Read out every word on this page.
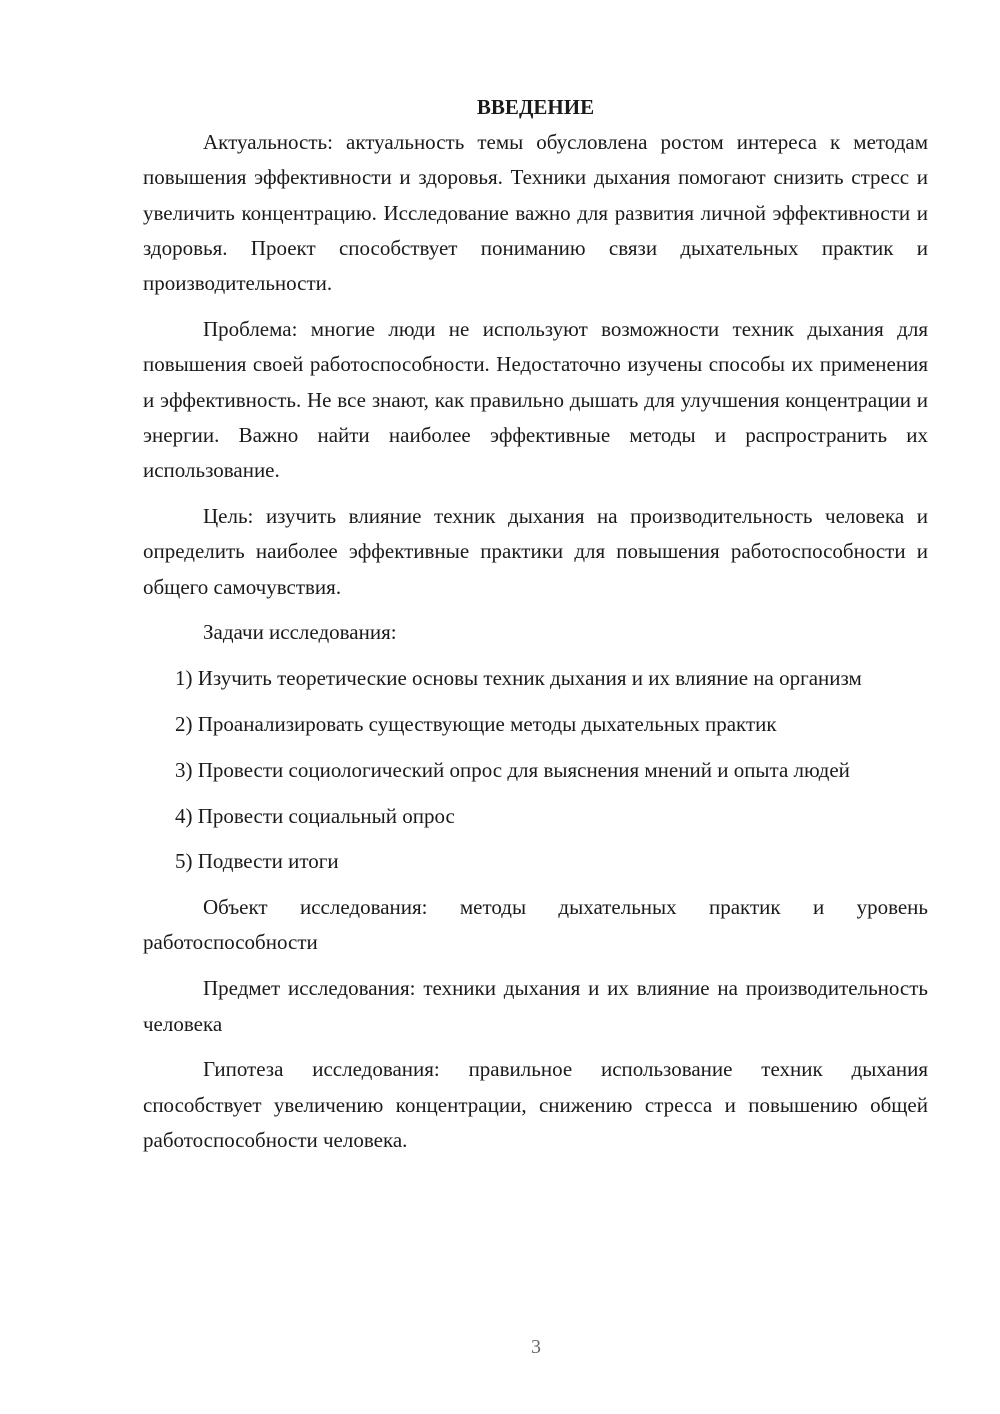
ВВЕДЕНИЕ

Актуальность: актуальность темы обусловлена ростом интереса к методам повышения эффективности и здоровья. Техники дыхания помогают снизить стресс и увеличить концентрацию. Исследование важно для развития личной эффективности и здоровья. Проект способствует пониманию связи дыхательных практик и производительности.

Проблема: многие люди не используют возможности техник дыхания для повышения своей работоспособности. Недостаточно изучены способы их применения и эффективность. Не все знают, как правильно дышать для улучшения концентрации и энергии. Важно найти наиболее эффективные методы и распространить их использование.

Цель: изучить влияние техник дыхания на производительность человека и определить наиболее эффективные практики для повышения работоспособности и общего самочувствия.

Задачи исследования:

1) Изучить теоретические основы техник дыхания и их влияние на организм

2) Проанализировать существующие методы дыхательных практик

3) Провести социологический опрос для выяснения мнений и опыта людей

4) Провести социальный опрос

5) Подвести итоги

Объект исследования: методы дыхательных практик и уровень работоспособности

Предмет исследования: техники дыхания и их влияние на производительность человека

Гипотеза исследования: правильное использование техник дыхания способствует увеличению концентрации, снижению стресса и повышению общей работоспособности человека.

3
